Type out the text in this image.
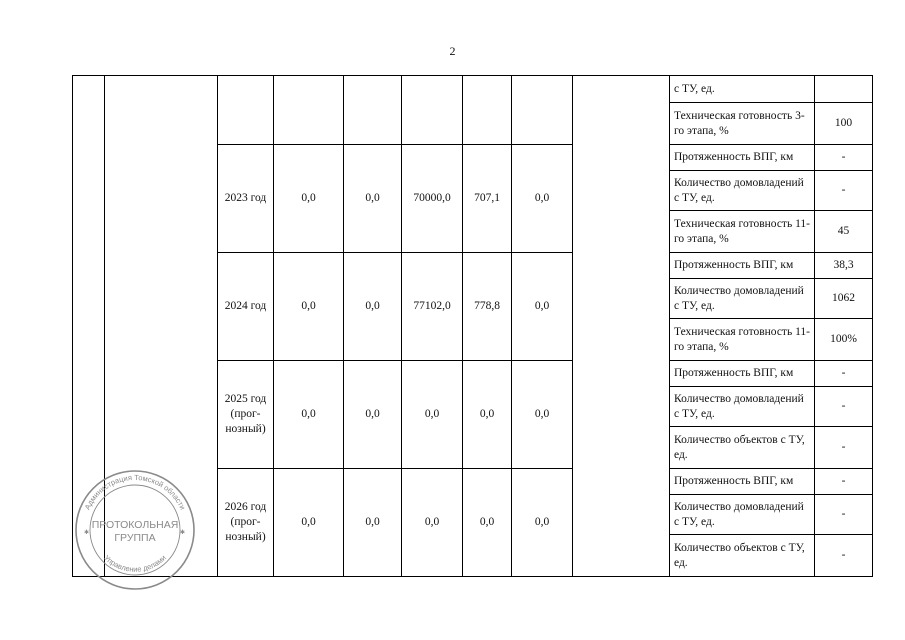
2
									с ТУ, ед.	
									Техническая готовность 3-го этапа, %	100
		2023 год	0,0	0,0	70000,0	707,1	0,0		Протяженность ВПГ, км	-
									Количество домовладений с ТУ, ед.	-
									Техническая готовность 11-го этапа, %	45
		2024 год	0,0	0,0	77102,0	778,8	0,0		Протяженность ВПГ, км	38,3
									Количество домовладений с ТУ, ед.	1062
									Техническая готовность 11-го этапа, %	100%
		2025 год (прог-нозный)	0,0	0,0	0,0	0,0	0,0		Протяженность ВПГ, км	-
									Количество домовладений с ТУ, ед.	-
									Количество объектов с ТУ, ед.	-
		2026 год (прог-нозный)	0,0	0,0	0,0	0,0	0,0		Протяженность ВПГ, км	-
									Количество домовладений с ТУ, ед.	-
									Количество объектов с ТУ, ед.	-
Администрация Томской области
Управление делами
ПРОТОКОЛЬНАЯ
ГРУППА
✱	✱
